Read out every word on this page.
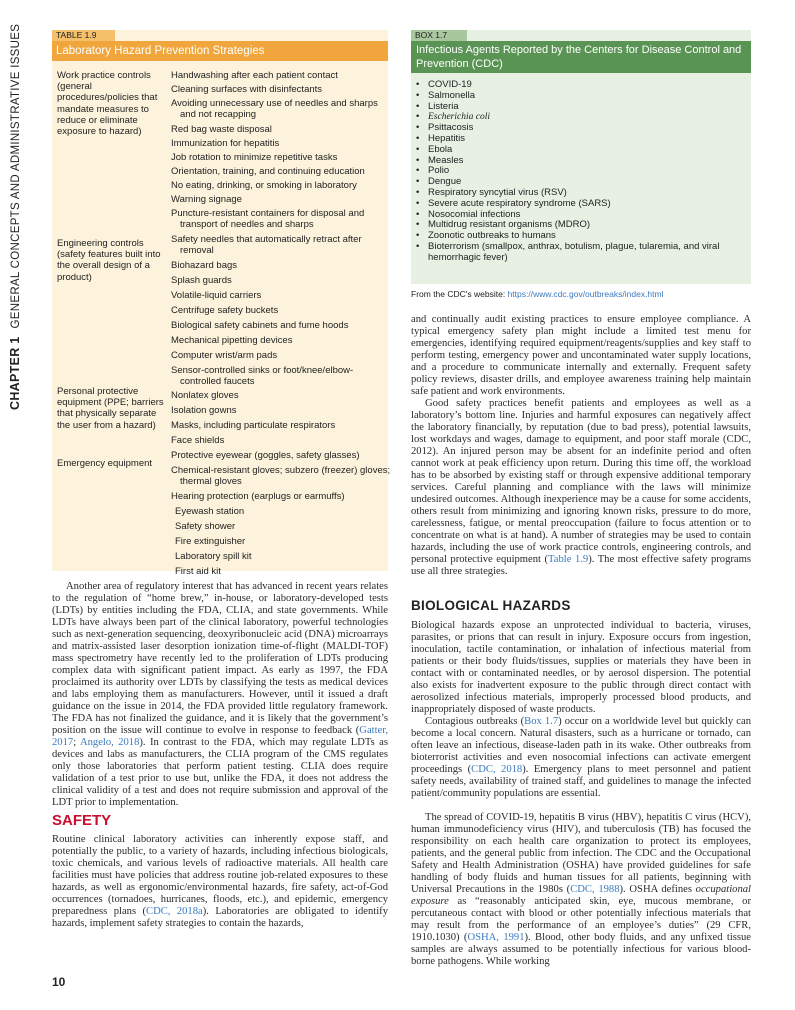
CHAPTER 1GENERAL CONCEPTS AND ADMINISTRATIVE ISSUES	TABLE 1.9
Laboratory Hazard Prevention Strategies
Work practice controls (general procedures/policies that mandate measures to reduce or eliminate exposure to hazard)
Engineering controls (safety features built into the overall design of a product)
Personal protective equipment (PPE; barriers that physically separate the user from a hazard)
Emergency equipment
Handwashing after each patient contact
Cleaning surfaces with disinfectants
Avoiding unnecessary use of needles and sharps and not recapping
Red bag waste disposal
Immunization for hepatitis
Job rotation to minimize repetitive tasks
Orientation, training, and continuing education
No eating, drinking, or smoking in laboratory
Warning signage
Puncture-resistant containers for disposal and transport of needles and sharps
Safety needles that automatically retract after removal
Biohazard bags
Splash guards
Volatile-liquid carriers
Centrifuge safety buckets
Biological safety cabinets and fume hoods
Mechanical pipetting devices
Computer wrist/arm pads
Sensor-controlled sinks or foot/knee/elbow-controlled faucets
Nonlatex gloves
Isolation gowns
Masks, including particulate respirators
Face shields
Protective eyewear (goggles, safety glasses)
Chemical-resistant gloves; subzero (freezer) gloves; thermal gloves
Hearing protection (earplugs or earmuffs)
Eyewash station
Safety shower
Fire extinguisher
Laboratory spill kit
First aid kit
BOX 1.7
Infectious Agents Reported by the Centers for Disease Control and Prevention (CDC)
• COVID-19
• Salmonella
• Listeria
• Escherichia coli
• Psittacosis
• Hepatitis
• Ebola
• Measles
• Polio
• Dengue
• Respiratory syncytial virus (RSV)
• Severe acute respiratory syndrome (SARS)
• Nosocomial infections
• Multidrug resistant organisms (MDRO)
• Zoonotic outbreaks to humans
• Bioterrorism (smallpox, anthrax, botulism, plague, tularemia, and viral hemorrhagic fever)
From the CDC's website: https://www.cdc.gov/outbreaks/index.html

Another area of regulatory interest that has advanced in recent years relates to the regulation of “home brew,” in-house, or laboratory-developed tests (LDTs) by entities including the FDA, CLIA, and state governments. While LDTs have always been part of the clinical laboratory, powerful technologies such as next-generation sequencing, deoxyribonucleic acid (DNA) microarrays and matrix-assisted laser desorption ionization time-of-flight (MALDI-TOF) mass spectrometry have recently led to the proliferation of LDTs producing complex data with significant patient impact. As early as 1997, the FDA proclaimed its authority over LDTs by classifying the tests as medical devices and labs employing them as manufacturers. However, until it issued a draft guidance on the issue in 2014, the FDA provided little regulatory framework. The FDA has not finalized the guidance, and it is likely that the government’s position on the issue will continue to evolve in response to feedback (Gatter, 2017; Angelo, 2018). In contrast to the FDA, which may regulate LDTs as devices and labs as manufacturers, the CLIA program of the CMS regulates only those laboratories that perform patient testing. CLIA does require validation of a test prior to use but, unlike the FDA, it does not address the clinical validity of a test and does not require submission and approval of the LDT prior to implementation.

SAFETY

Routine clinical laboratory activities can inherently expose staff, and potentially the public, to a variety of hazards, including infectious biologicals, toxic chemicals, and various levels of radioactive materials. All health care facilities must have policies that address routine job-related exposures to these hazards, as well as ergonomic/environmental hazards, fire safety, act-of-God occurrences (tornadoes, hurricanes, floods, etc.), and epidemic, emergency preparedness plans (CDC, 2018a). Laboratories are obligated to identify hazards, implement safety strategies to contain the hazards,

and continually audit existing practices to ensure employee compliance. A typical emergency safety plan might include a limited test menu for emergencies, identifying required equipment/reagents/supplies and key staff to perform testing, emergency power and uncontaminated water supply locations, and a procedure to communicate internally and externally. Frequent safety policy reviews, disaster drills, and employee awareness training help maintain safe patient and work environments.

Good safety practices benefit patients and employees as well as a laboratory’s bottom line. Injuries and harmful exposures can negatively affect the laboratory financially, by reputation (due to bad press), potential lawsuits, lost workdays and wages, damage to equipment, and poor staff morale (CDC, 2012). An injured person may be absent for an indefinite period and often cannot work at peak efficiency upon return. During this time off, the workload has to be absorbed by existing staff or through expensive additional temporary services. Careful planning and compliance with the laws will minimize undesired outcomes. Although inexperience may be a cause for some accidents, others result from minimizing and ignoring known risks, pressure to do more, carelessness, fatigue, or mental preoccupation (failure to focus attention or to concentrate on what is at hand). A number of strategies may be used to contain hazards, including the use of work practice controls, engineering controls, and personal protective equipment (Table 1.9). The most effective safety programs use all three strategies.

BIOLOGICAL HAZARDS

Biological hazards expose an unprotected individual to bacteria, viruses, parasites, or prions that can result in injury. Exposure occurs from ingestion, inoculation, tactile contamination, or inhalation of infectious material from patients or their body fluids/tissues, supplies or materials they have been in contact with or contaminated needles, or by aerosol dispersion. The potential also exists for inadvertent exposure to the public through direct contact with aerosolized infectious materials, improperly processed blood products, and inappropriately disposed of waste products.

Contagious outbreaks (Box 1.7) occur on a worldwide level but quickly can become a local concern. Natural disasters, such as a hurricane or tornado, can often leave an infectious, disease-laden path in its wake. Other outbreaks from bioterrorist activities and even nosocomial infections can activate emergent proceedings (CDC, 2018). Emergency plans to meet personnel and patient safety needs, availability of trained staff, and guidelines to manage the infected patient/community populations are essential.

The spread of COVID-19, hepatitis B virus (HBV), hepatitis C virus (HCV), human immunodeficiency virus (HIV), and tuberculosis (TB) has focused the responsibility on each health care organization to protect its employees, patients, and the general public from infection. The CDC and the Occupational Safety and Health Administration (OSHA) have provided guidelines for safe handling of body fluids and human tissues for all patients, beginning with Universal Precautions in the 1980s (CDC, 1988). OSHA defines occupational exposure as “reasonably anticipated skin, eye, mucous membrane, or percutaneous contact with blood or other potentially infectious materials that may result from the performance of an employee’s duties” (29 CFR, 1910.1030) (OSHA, 1991). Blood, other body fluids, and any unfixed tissue samples are always assumed to be potentially infectious for various blood-borne pathogens. While working

10
